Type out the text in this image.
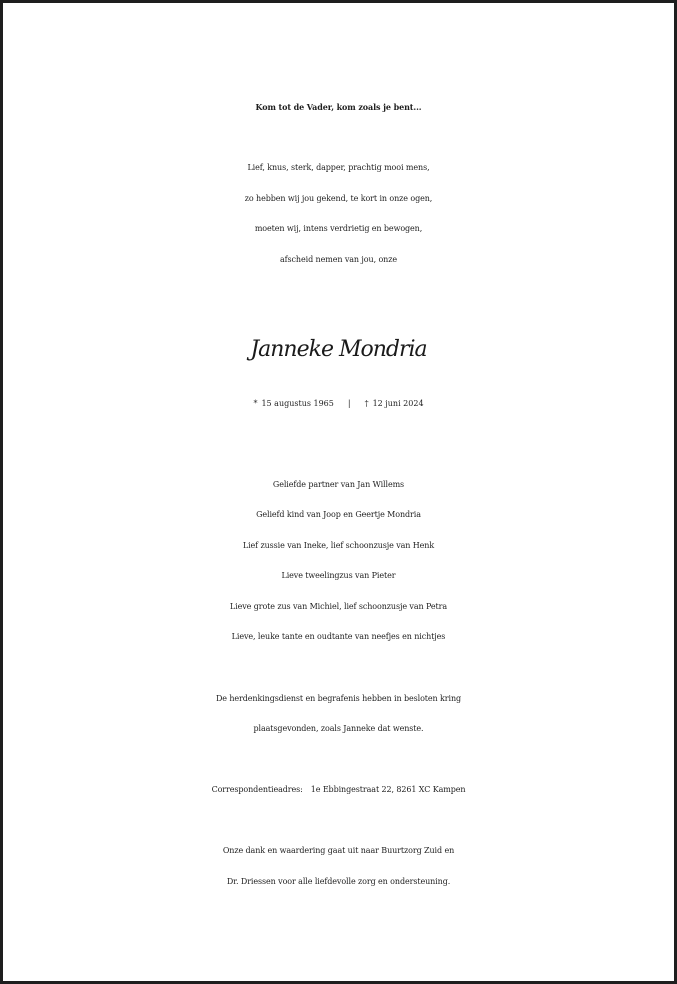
Kom tot de Vader, kom zoals je bent...
Lief, knus, sterk, dapper, prachtig mooi mens,
zo hebben wij jou gekend, te kort in onze ogen,
moeten wij, intens verdrietig en bewogen,
afscheid nemen van jou, onze
Janneke Mondria
* 15 augustus 1965 | † 12 juni 2024
Geliefde partner van Jan Willems
Geliefd kind van Joop en Geertje Mondria
Lief zussie van Ineke, lief schoonzusje van Henk
Lieve tweelingzus van Pieter
Lieve grote zus van Michiel, lief schoonzusje van Petra
Lieve, leuke tante en oudtante van neefjes en nichtjes
De herdenkingsdienst en begrafenis hebben in besloten kring
plaatsgevonden, zoals Janneke dat wenste.
Correspondentieadres: 1e Ebbingestraat 22, 8261 XC Kampen
Onze dank en waardering gaat uit naar Buurtzorg Zuid en
Dr. Driessen voor alle liefdevolle zorg en ondersteuning.
